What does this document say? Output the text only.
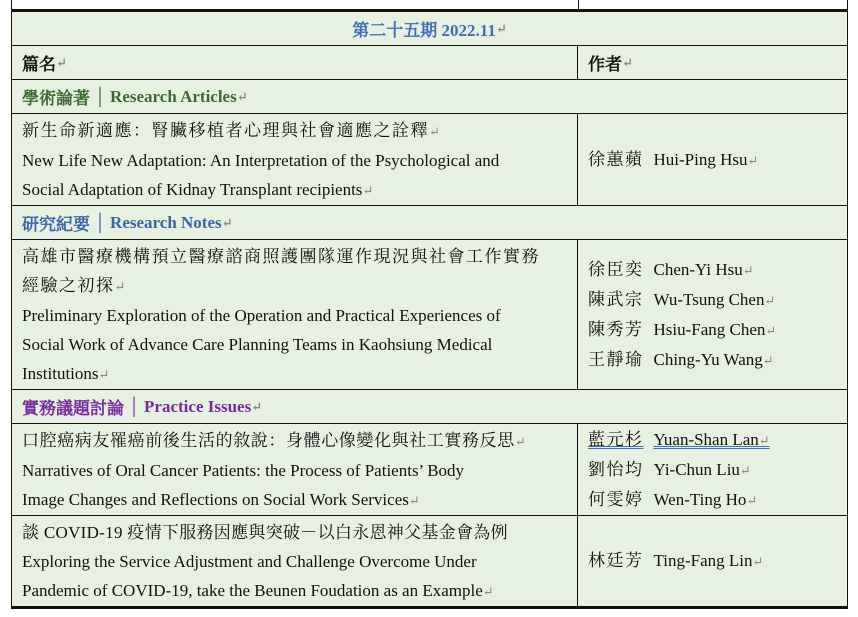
第二十五期 2022.11 ↵
篇名 ↵	作者 ↵
學術論著 │ Research Articles ↵
新生命新適應：腎臟移植者心理與社會適應之詮釋↵
New Life New Adaptation: An Interpretation of the Psychological and
Social Adaptation of Kidnay Transplant recipients↵
徐蕙蘋 Hui-Ping Hsu↵
研究紀要 │ Research Notes ↵
高雄市醫療機構預立醫療諮商照護團隊運作現況與社會工作實務
經驗之初探↵
Preliminary Exploration of the Operation and Practical Experiences of
Social Work of Advance Care Planning Teams in Kaohsiung Medical
Institutions↵
徐臣奕 Chen-Yi Hsu↵
陳武宗 Wu-Tsung Chen↵
陳秀芳 Hsiu-Fang Chen↵
王靜瑜 Ching-Yu Wang↵
實務議題討論 │ Practice Issues ↵
口腔癌病友罹癌前後生活的敘說：身體心像變化與社工實務反思↵
Narratives of Oral Cancer Patients: the Process of Patients’ Body
Image Changes and Reflections on Social Work Services↵
藍元杉 Yuan-Shan Lan↵
劉怡均 Yi-Chun Liu↵
何雯婷 Wen-Ting Ho↵
談 COVID-19 疫情下服務因應與突破－以白永恩神父基金會為例
Exploring the Service Adjustment and Challenge Overcome Under
Pandemic of COVID-19, take the Beunen Foudation as an Example↵
林廷芳 Ting-Fang Lin↵
